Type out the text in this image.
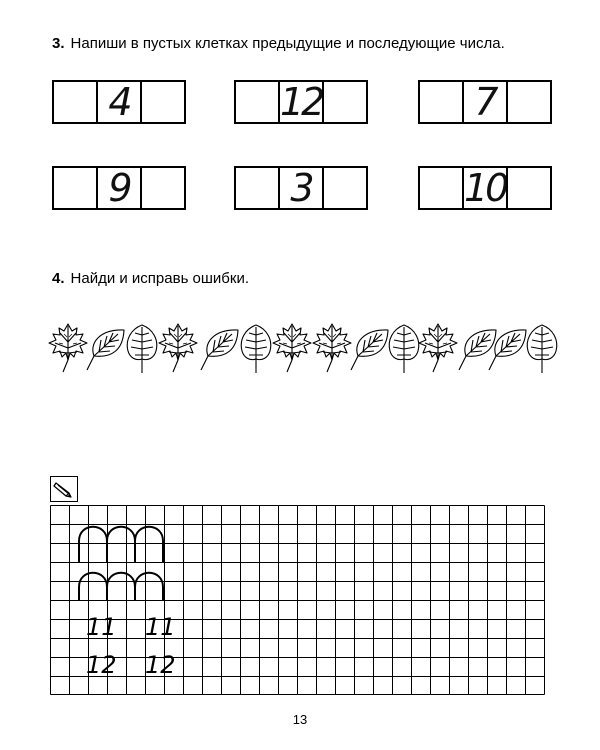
3. Напиши в пустых клетках предыдущие и последующие числа.
4	12	7
9	3	10
4. Найди и исправь ошибки.
11 11
12 12
13
